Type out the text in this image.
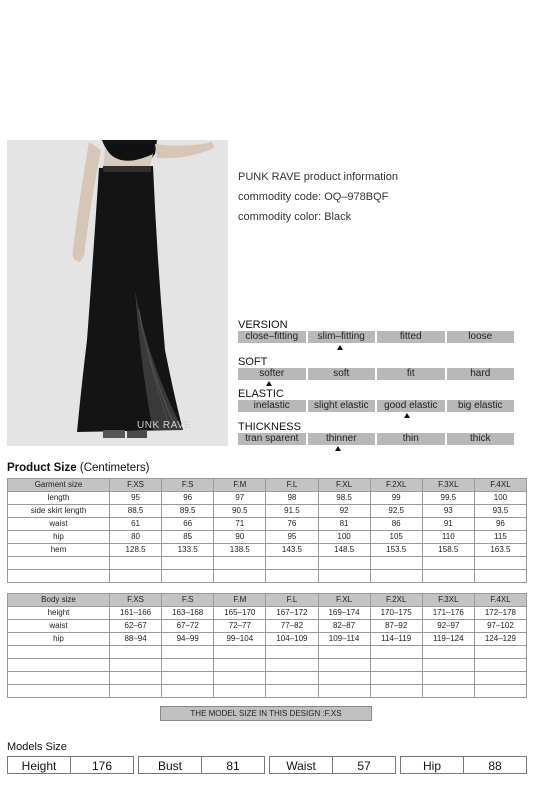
UNK RAVE
PUNK RAVE product information
commodity code: OQ–978BQF
commodity color: Black
VERSION
close–fitting	slim–fitting	fitted	loose
SOFT
softer	soft	fit	hard
ELASTIC
inelastic	slight elastic	good elastic	big elastic
THICKNESS
tran sparent	thinner	thin	thick
Product Size (Centimeters)
Garment size	F.XS	F.S	F.M	F.L	F.XL	F.2XL	F.3XL	F.4XL
length	95	96	97	98	98.5	99	99.5	100
side skirt length	88.5	89.5	90.5	91.5	92	92.5	93	93.5
waist	61	66	71	76	81	86	91	96
hip	80	85	90	95	100	105	110	115
hem	128.5	133.5	138.5	143.5	148.5	153.5	158.5	163.5

Body size	F.XS	F.S	F.M	F.L	F.XL	F.2XL	F.3XL	F.4XL
height	161–166	163–168	165–170	167–172	169–174	170–175	171–176	172–178
waist	62–67	67–72	72–77	77–82	82–87	87–92	92–97	97–102
hip	88–94	94–99	99–104	104–109	109–114	114–119	119–124	124–129

THE MODEL SIZE IN THIS DESIGN :F.XS
Models Size
Height	176	Bust	81	Waist	57	Hip	88
